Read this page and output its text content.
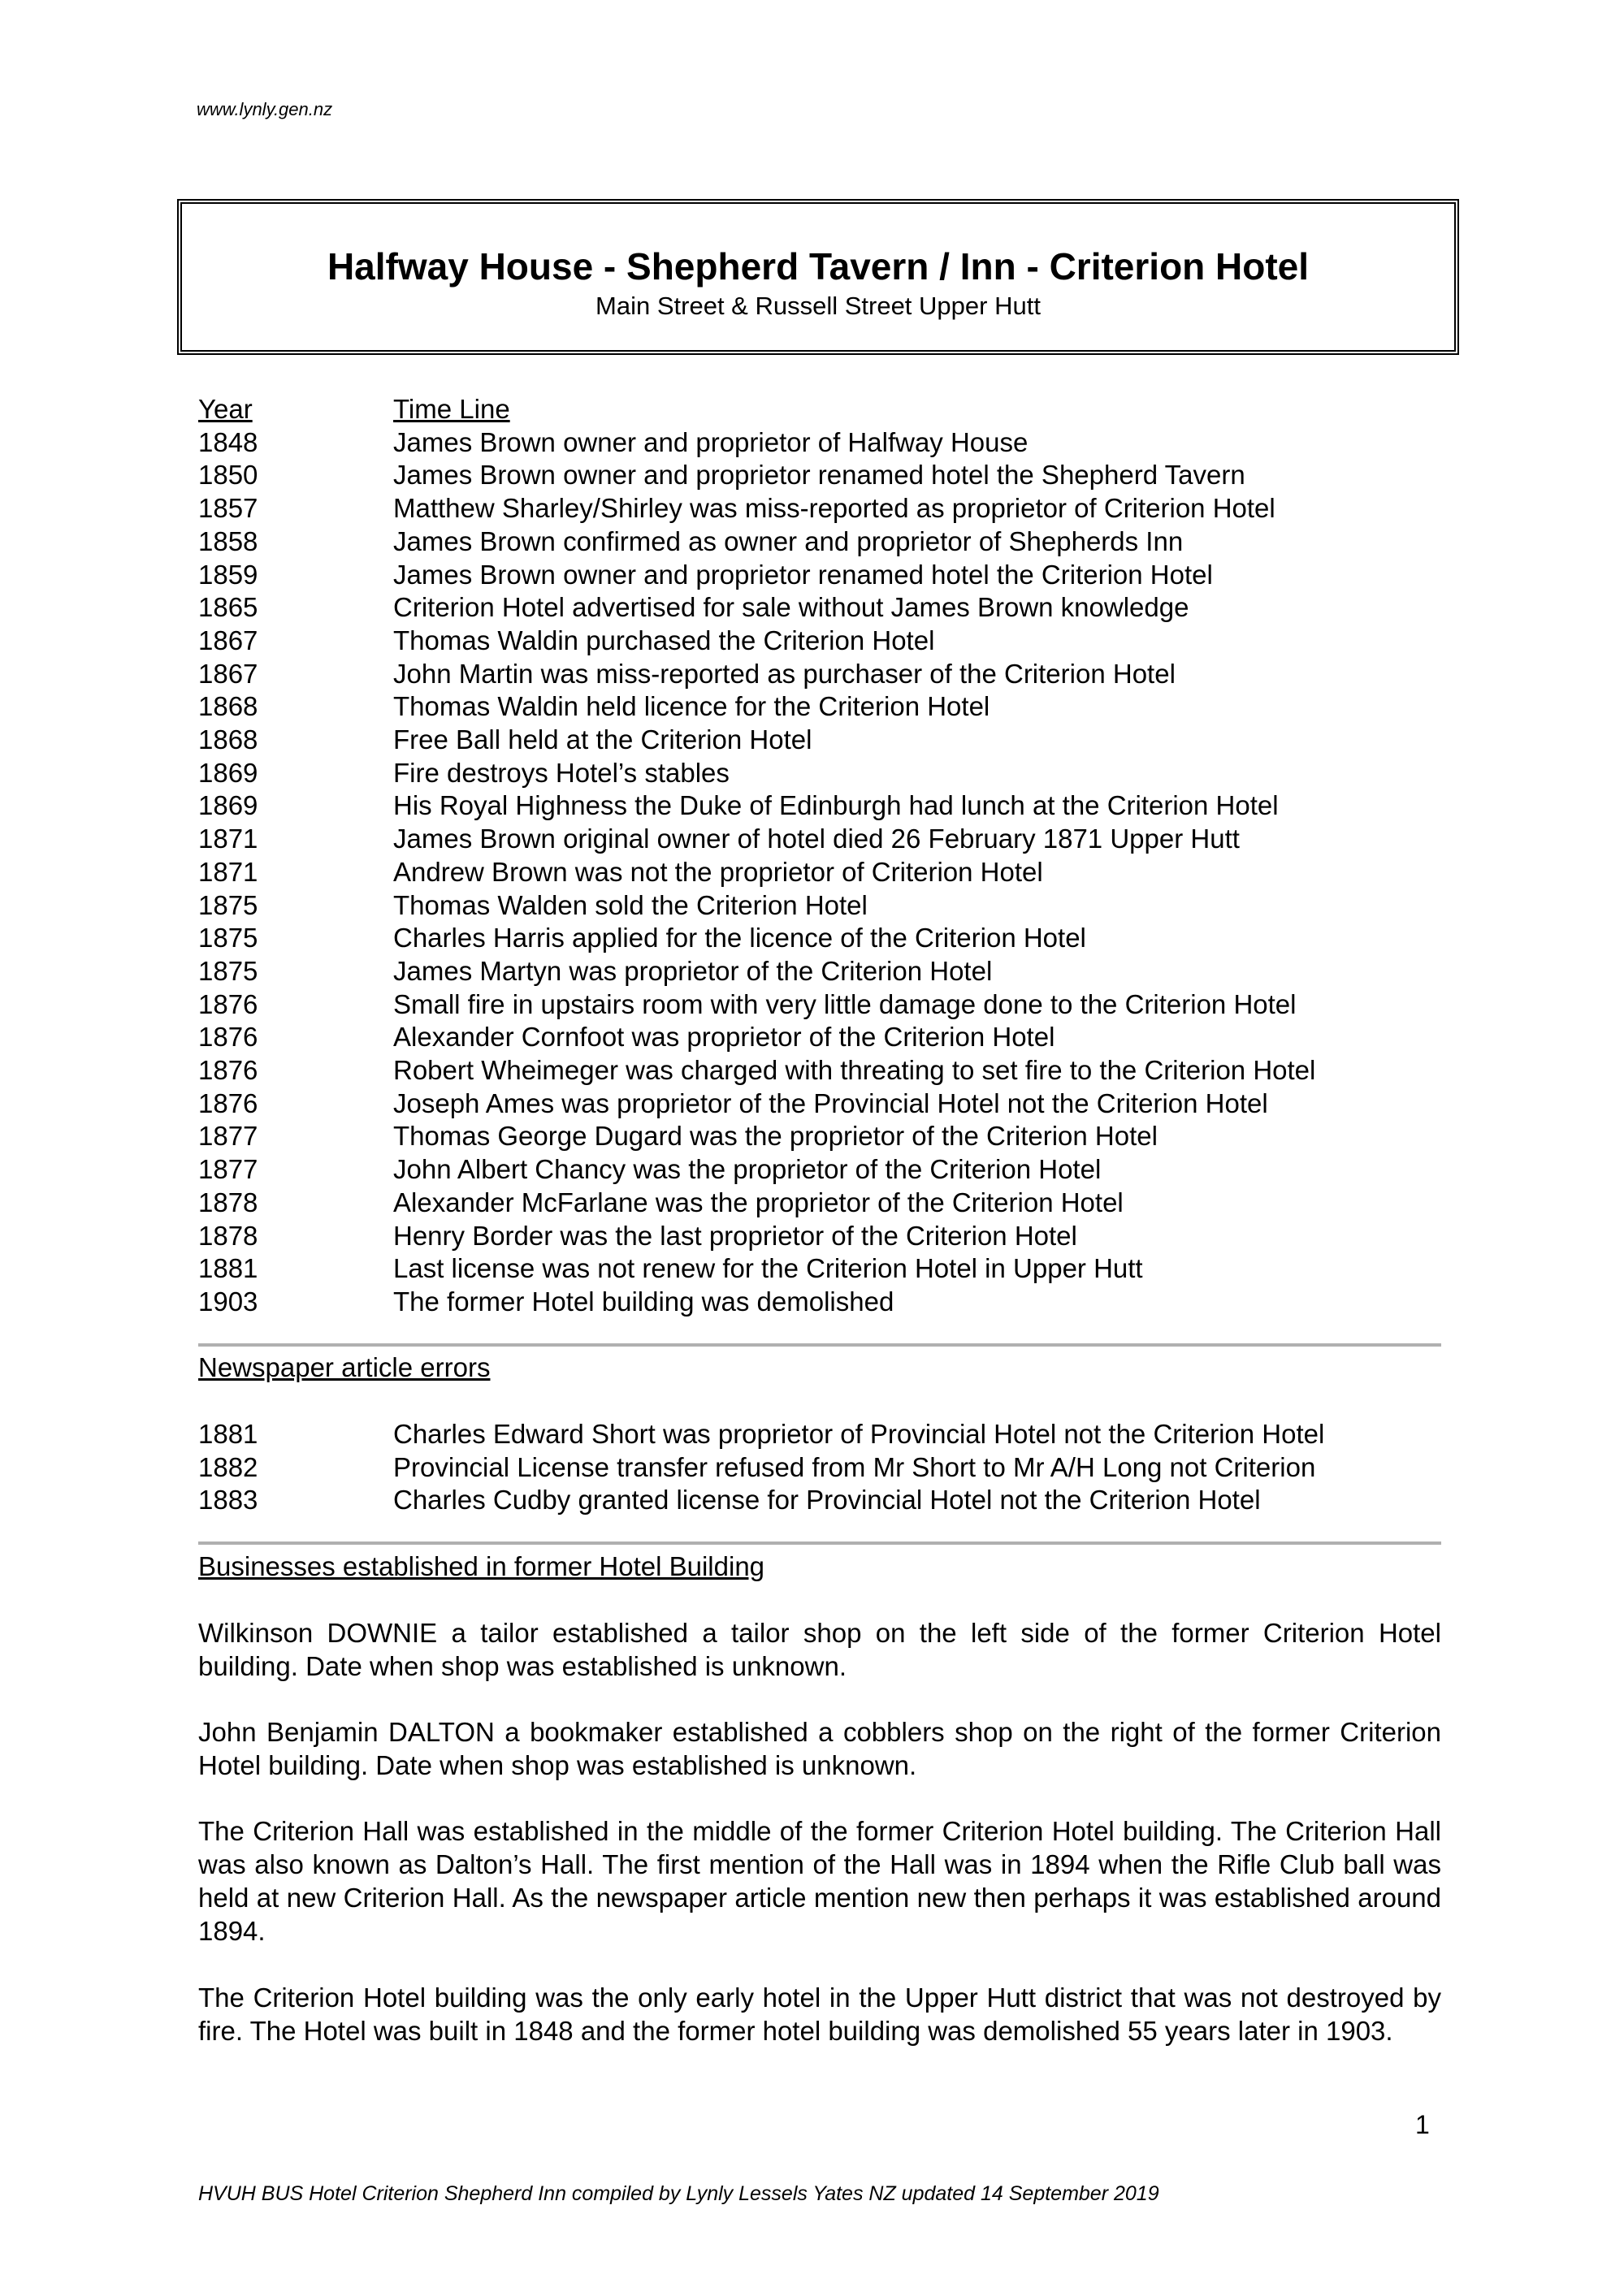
www.lynly.gen.nz
Halfway House - Shepherd Tavern / Inn - Criterion Hotel
Main Street & Russell Street Upper Hutt
Year	Time Line
1848	James Brown owner and proprietor of Halfway House
1850	James Brown owner and proprietor renamed hotel the Shepherd Tavern
1857	Matthew Sharley/Shirley was miss-reported as proprietor of Criterion Hotel
1858	James Brown confirmed as owner and proprietor of Shepherds Inn
1859	James Brown owner and proprietor renamed hotel the Criterion Hotel
1865	Criterion Hotel advertised for sale without James Brown knowledge
1867	Thomas Waldin purchased the Criterion Hotel
1867	John Martin was miss-reported as purchaser of the Criterion Hotel
1868	Thomas Waldin held licence for the Criterion Hotel
1868	Free Ball held at the Criterion Hotel
1869	Fire destroys Hotel’s stables
1869	His Royal Highness the Duke of Edinburgh had lunch at the Criterion Hotel
1871	James Brown original owner of hotel died 26 February 1871 Upper Hutt
1871	Andrew Brown was not the proprietor of Criterion Hotel
1875	Thomas Walden sold the Criterion Hotel
1875	Charles Harris applied for the licence of the Criterion Hotel
1875	James Martyn was proprietor of the Criterion Hotel
1876	Small fire in upstairs room with very little damage done to the Criterion Hotel
1876	Alexander Cornfoot was proprietor of the Criterion Hotel
1876	Robert Wheimeger was charged with threating to set fire to the Criterion Hotel
1876	Joseph Ames was proprietor of the Provincial Hotel not the Criterion Hotel
1877	Thomas George Dugard was the proprietor of the Criterion Hotel
1877	John Albert Chancy was the proprietor of the Criterion Hotel
1878	Alexander McFarlane was the proprietor of the Criterion Hotel
1878	Henry Border was the last proprietor of the Criterion Hotel
1881	Last license was not renew for the Criterion Hotel in Upper Hutt
1903	The former Hotel building was demolished
Newspaper article errors
1881	Charles Edward Short was proprietor of Provincial Hotel not the Criterion Hotel
1882	Provincial License transfer refused from Mr Short to Mr A/H Long not Criterion
1883	Charles Cudby granted license for Provincial Hotel not the Criterion Hotel
Businesses established in former Hotel Building

Wilkinson DOWNIE a tailor established a tailor shop on the left side of the former Criterion Hotel building. Date when shop was established is unknown.

John Benjamin DALTON a bookmaker established a cobblers shop on the right of the former Criterion Hotel building. Date when shop was established is unknown.

The Criterion Hall was established in the middle of the former Criterion Hotel building. The Criterion Hall was also known as Dalton’s Hall. The first mention of the Hall was in 1894 when the Rifle Club ball was held at new Criterion Hall. As the newspaper article mention new then perhaps it was established around 1894.

The Criterion Hotel building was the only early hotel in the Upper Hutt district that was not destroyed by fire. The Hotel was built in 1848 and the former hotel building was demolished 55 years later in 1903.

1
HVUH BUS Hotel Criterion Shepherd Inn compiled by Lynly Lessels Yates NZ updated 14 September 2019
